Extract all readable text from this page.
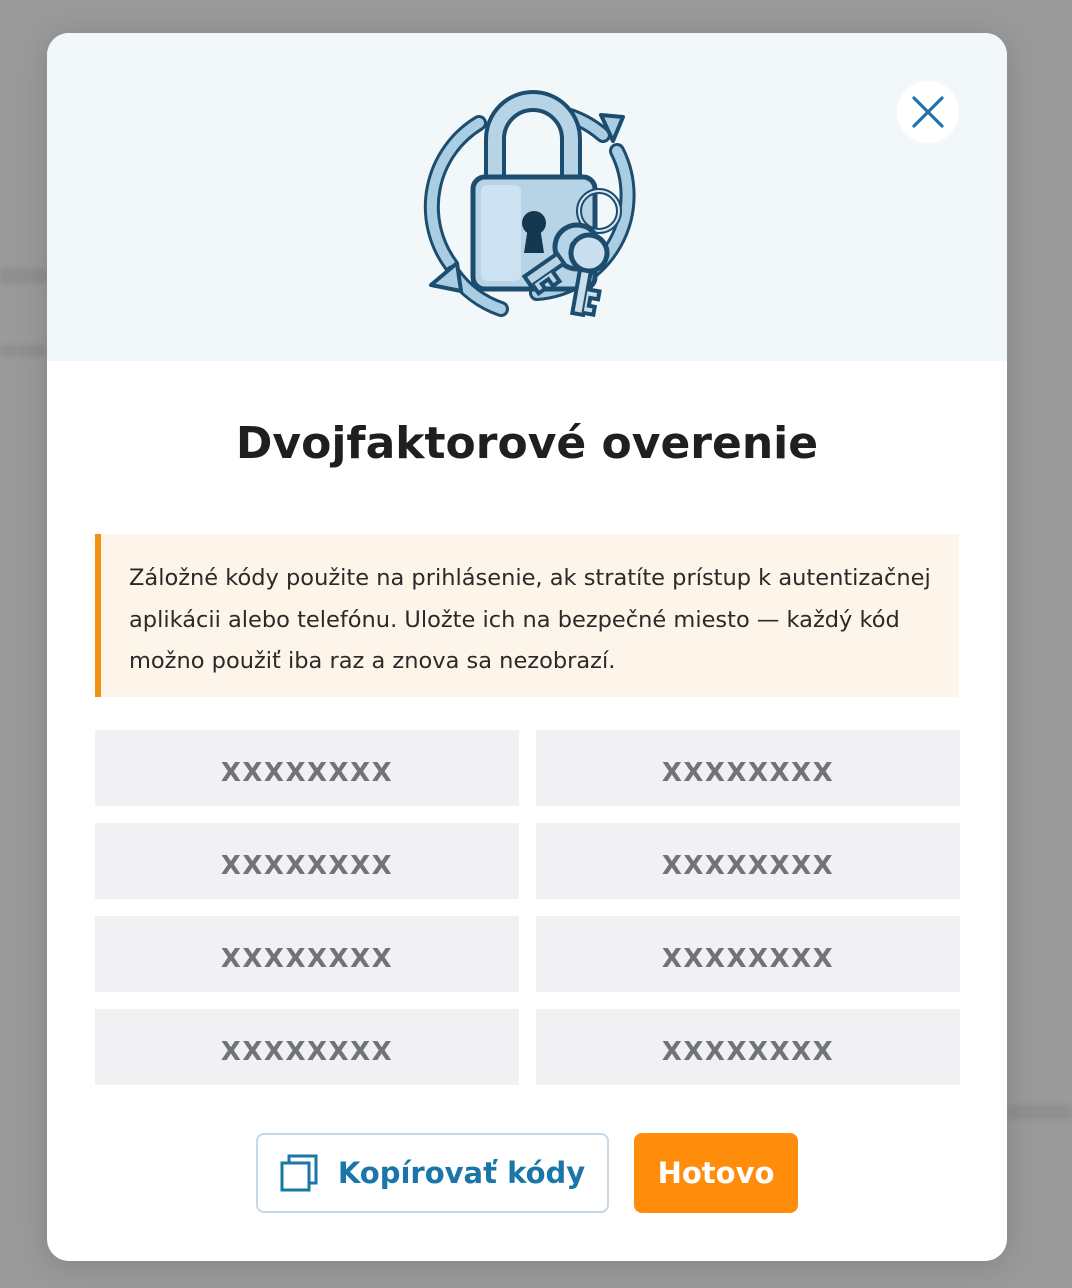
Dvojfaktorové overenie

Záložné kódy použite na prihlásenie, ak stratíte prístup k autentizačnej aplikácii alebo telefónu. Uložte ich na bezpečné miesto — každý kód možno použiť iba raz a znova sa nezobrazí.

XXXXXXXX	XXXXXXXX
XXXXXXXX	XXXXXXXX
XXXXXXXX	XXXXXXXX
XXXXXXXX	XXXXXXXX
Kopírovať kódy Hotovo
